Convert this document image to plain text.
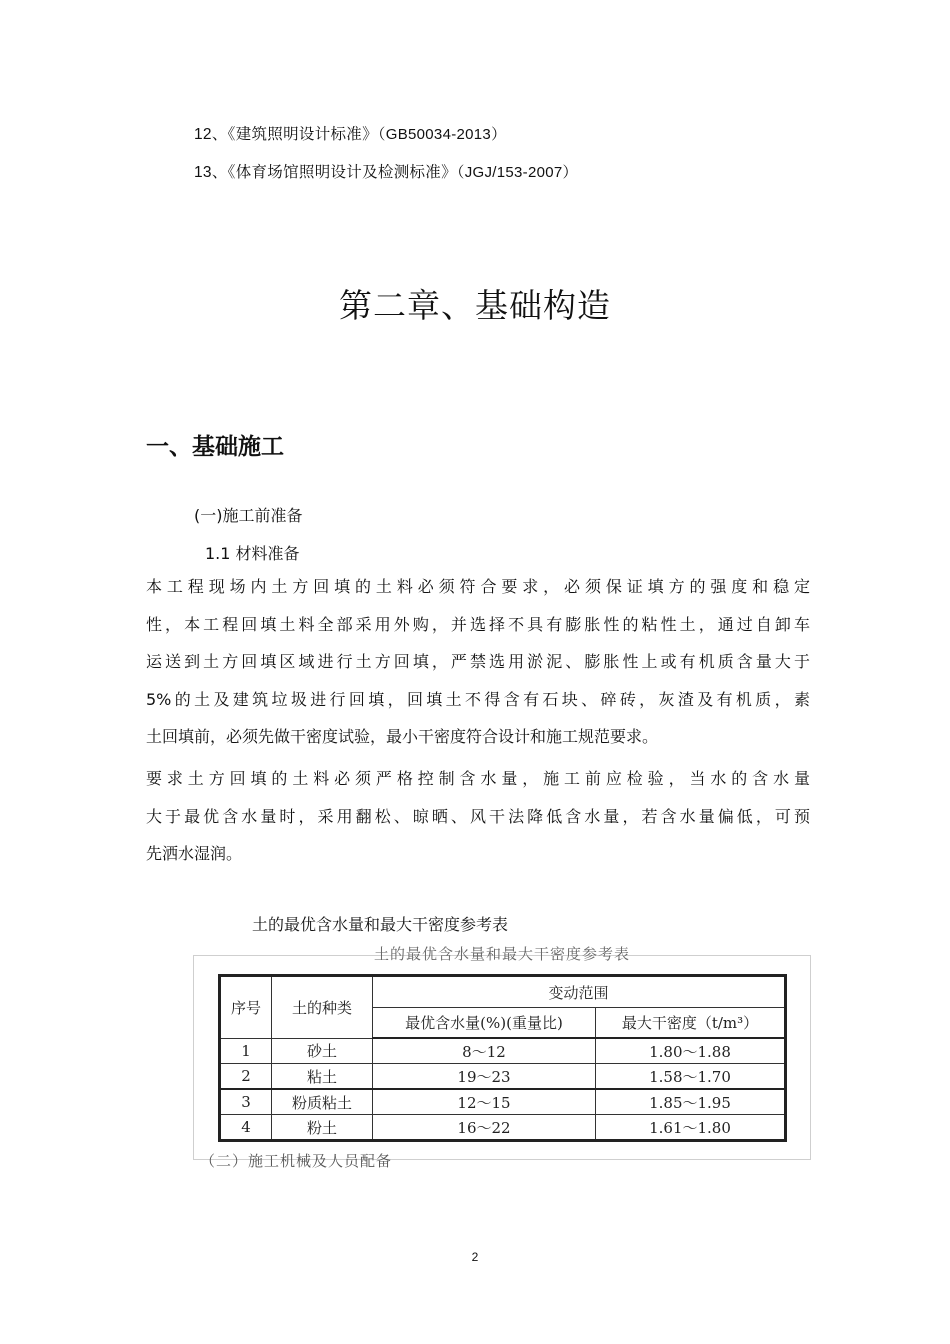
12、《建筑照明设计标准》（GB50034-2013）
13、《体育场馆照明设计及检测标准》（JGJ/153-2007）
第二章、基础构造
一、基础施工
(一)施工前准备
1.1 材料准备
本工程现场内土方回填的土料必须符合要求，必须保证填方的强度和稳定
性，本工程回填土料全部采用外购，并选择不具有膨胀性的粘性土，通过自卸车
运送到土方回填区域进行土方回填，严禁选用淤泥、膨胀性上或有机质含量大于
5%的土及建筑垃圾进行回填，回填土不得含有石块、碎砖，灰渣及有机质，素
土回填前，必须先做干密度试验，最小干密度符合设计和施工规范要求。
要求土方回填的土料必须严格控制含水量，施工前应检验，当水的含水量
大于最优含水量时，采用翻松、晾晒、风干法降低含水量，若含水量偏低，可预
先洒水湿润。
土的最优含水量和最大干密度参考表
土的最优含水量和最大干密度参考表
序号	土的种类	变动范围	
		最优含水量(%)(重量比)	最大干密度（t/m³）
1	砂土	8～12	1.80～1.88
2	粘土	19～23	1.58～1.70
3	粉质粘土	12～15	1.85～1.95
4	粉土	16～22	1.61～1.80
（二）施工机械及人员配备
2
